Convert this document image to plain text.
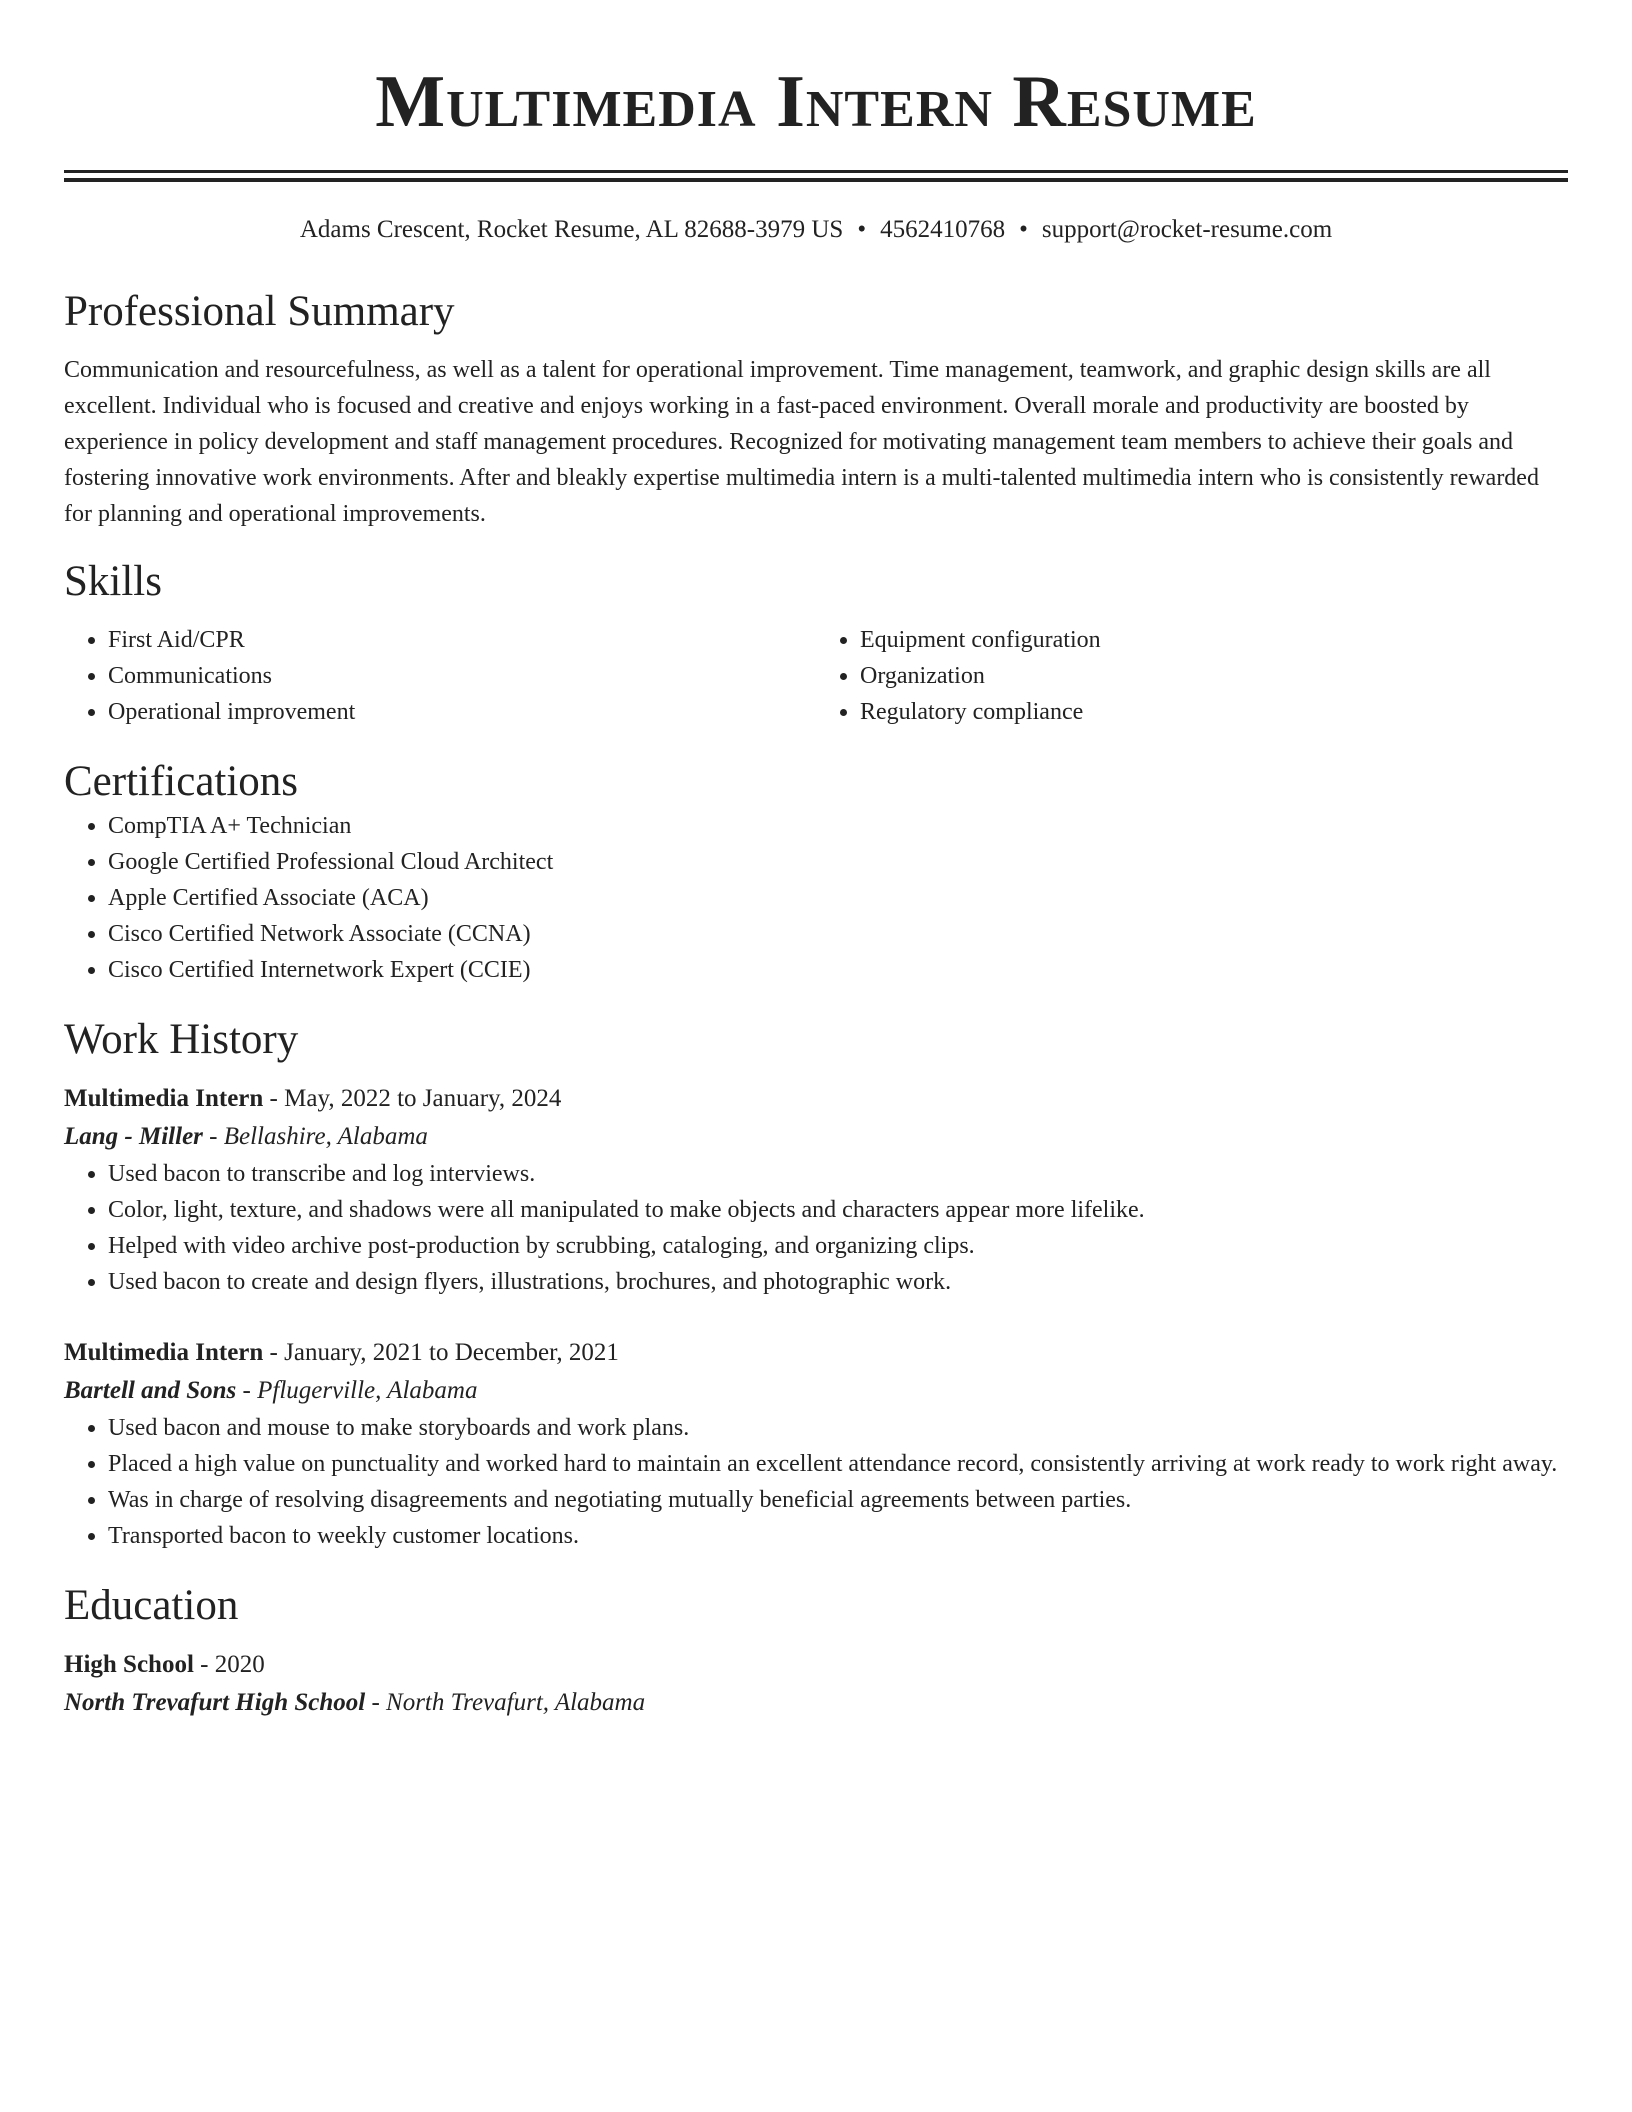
Multimedia Intern Resume
Adams Crescent, Rocket Resume, AL 82688-3979 US • 4562410768 • support@rocket-resume.com
Professional Summary

Communication and resourcefulness, as well as a talent for operational improvement. Time management, teamwork, and graphic design skills are all excellent. Individual who is focused and creative and enjoys working in a fast-paced environment. Overall morale and productivity are boosted by experience in policy development and staff management procedures. Recognized for motivating management team members to achieve their goals and fostering innovative work environments. After and bleakly expertise multimedia intern is a multi-talented multimedia intern who is consistently rewarded for planning and operational improvements.

Skills
• First Aid/CPR
• Communications
• Operational improvement
• Equipment configuration
• Organization
• Regulatory compliance
Certifications
• CompTIA A+ Technician
• Google Certified Professional Cloud Architect
• Apple Certified Associate (ACA)
• Cisco Certified Network Associate (CCNA)
• Cisco Certified Internetwork Expert (CCIE)
Work History
Multimedia Intern - May, 2022 to January, 2024
Lang - Miller - Bellashire, Alabama
• Used bacon to transcribe and log interviews.
• Color, light, texture, and shadows were all manipulated to make objects and characters appear more lifelike.
• Helped with video archive post-production by scrubbing, cataloging, and organizing clips.
• Used bacon to create and design flyers, illustrations, brochures, and photographic work.
Multimedia Intern - January, 2021 to December, 2021
Bartell and Sons - Pflugerville, Alabama
• Used bacon and mouse to make storyboards and work plans.
• Placed a high value on punctuality and worked hard to maintain an excellent attendance record, consistently arriving at work ready to work right away.
• Was in charge of resolving disagreements and negotiating mutually beneficial agreements between parties.
• Transported bacon to weekly customer locations.
Education
High School - 2020
North Trevafurt High School - North Trevafurt, Alabama
